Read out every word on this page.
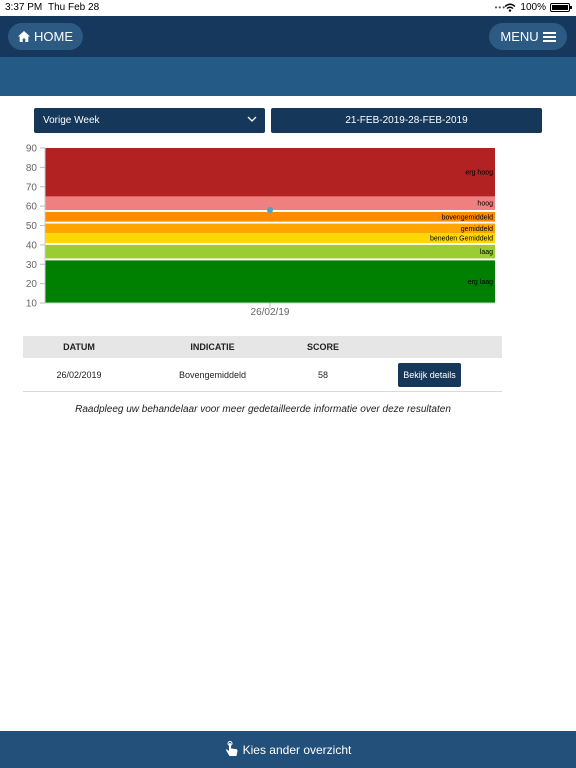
3:37 PM Thu Feb 28	•••	100%
HOME	MENU
Vorige Week	21-FEB-2019-28-FEB-2019
erg hoog
hoog
bovengemiddeld
gemiddeld
beneden Gemiddeld
laag
erg laag
10
20
30
40
50
60
70
80
90
26/02/19
DATUM	INDICATIE	SCORE
26/02/2019	Bovengemiddeld	58	Bekijk details
Raadpleeg uw behandelaar voor meer gedetailleerde informatie over deze resultaten
Kies ander overzicht
